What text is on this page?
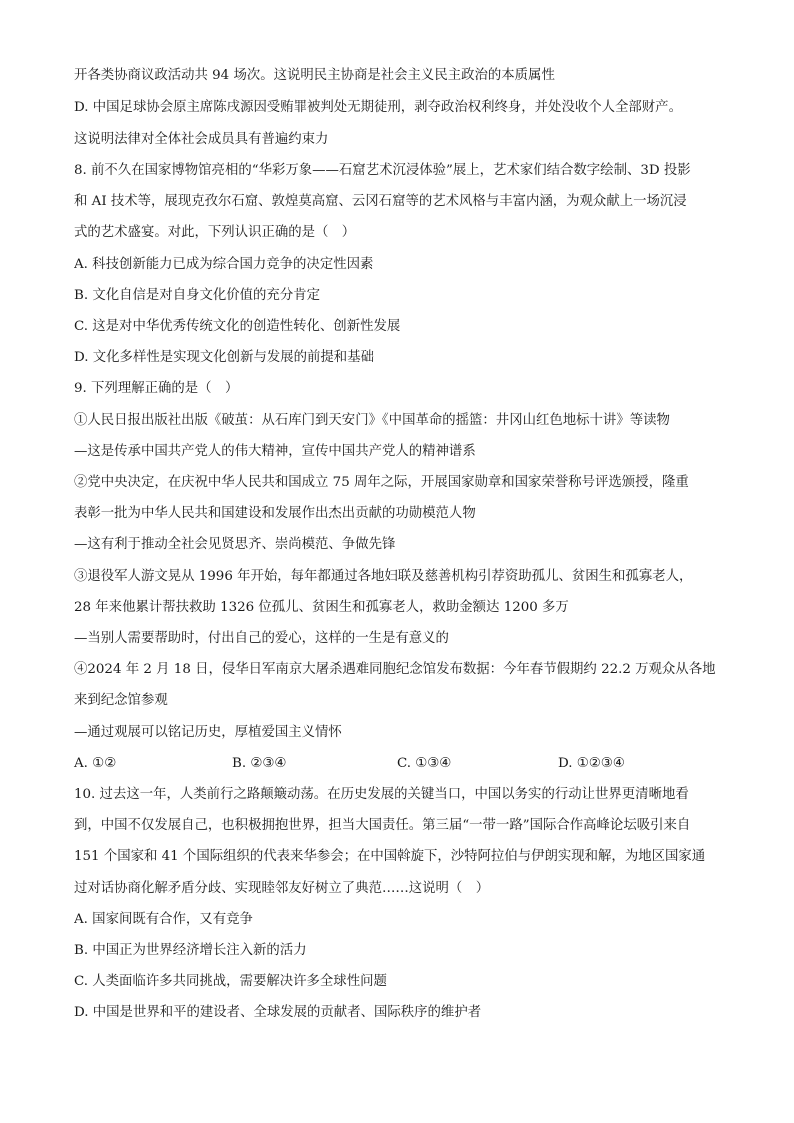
开各类协商议政活动共 94 场次。这说明民主协商是社会主义民主政治的本质属性
D. 中国足球协会原主席陈戌源因受贿罪被判处无期徒刑，剥夺政治权利终身，并处没收个人全部财产。
这说明法律对全体社会成员具有普遍约束力
8. 前不久在国家博物馆亮相的“华彩万象——石窟艺术沉浸体验”展上，艺术家们结合数字绘制、3D 投影
和 AI 技术等，展现克孜尔石窟、敦煌莫高窟、云冈石窟等的艺术风格与丰富内涵，为观众献上一场沉浸
式的艺术盛宴。对此，下列认识正确的是（　）
A. 科技创新能力已成为综合国力竞争的决定性因素
B. 文化自信是对自身文化价值的充分肯定
C. 这是对中华优秀传统文化的创造性转化、创新性发展
D. 文化多样性是实现文化创新与发展的前提和基础
9. 下列理解正确的是（　）
①人民日报出版社出版《破茧：从石库门到天安门》《中国革命的摇篮：井冈山红色地标十讲》等读物
—这是传承中国共产党人的伟大精神，宣传中国共产党人的精神谱系
②党中央决定，在庆祝中华人民共和国成立 75 周年之际，开展国家勋章和国家荣誉称号评选颁授，隆重
表彰一批为中华人民共和国建设和发展作出杰出贡献的功勋模范人物
—这有利于推动全社会见贤思齐、崇尚模范、争做先锋
③退役军人游文晃从 1996 年开始，每年都通过各地妇联及慈善机构引荐资助孤儿、贫困生和孤寡老人，
28 年来他累计帮扶救助 1326 位孤儿、贫困生和孤寡老人，救助金额达 1200 多万
—当别人需要帮助时，付出自己的爱心，这样的一生是有意义的
④2024 年 2 月 18 日，侵华日军南京大屠杀遇难同胞纪念馆发布数据：今年春节假期约 22.2 万观众从各地
来到纪念馆参观
—通过观展可以铭记历史，厚植爱国主义情怀
A. ①②	B. ②③④	C. ①③④	D. ①②③④
10. 过去这一年，人类前行之路颠簸动荡。在历史发展的关键当口，中国以务实的行动让世界更清晰地看
到，中国不仅发展自己，也积极拥抱世界，担当大国责任。第三届“一带一路”国际合作高峰论坛吸引来自
151 个国家和 41 个国际组织的代表来华参会；在中国斡旋下，沙特阿拉伯与伊朗实现和解，为地区国家通
过对话协商化解矛盾分歧、实现睦邻友好树立了典范……这说明（　）
A. 国家间既有合作，又有竞争
B. 中国正为世界经济增长注入新的活力
C. 人类面临许多共同挑战，需要解决许多全球性问题
D. 中国是世界和平的建设者、全球发展的贡献者、国际秩序的维护者
